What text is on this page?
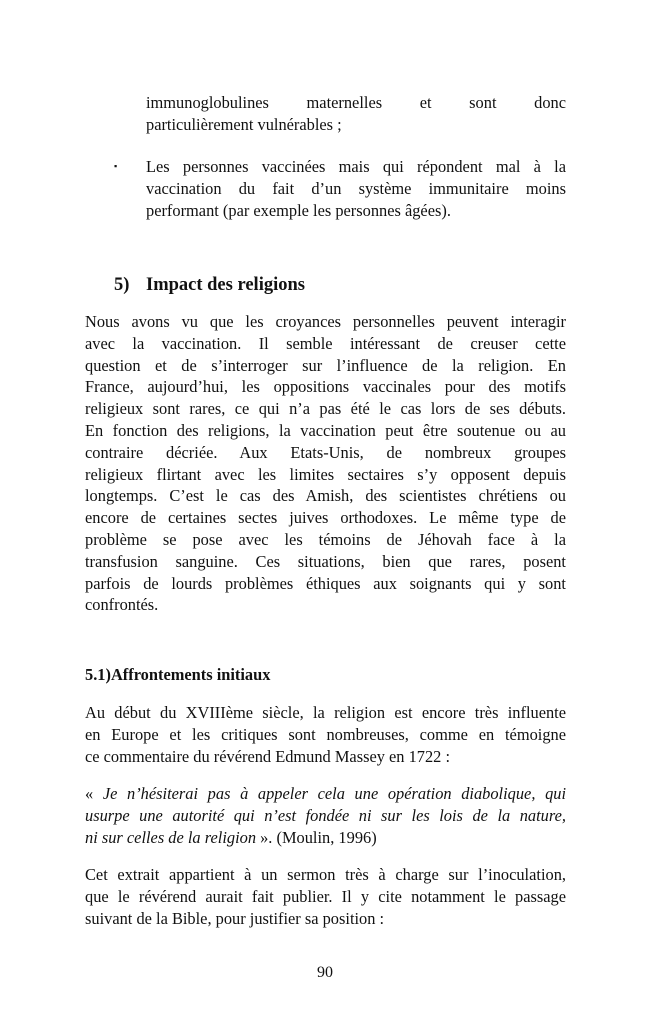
immunoglobulines maternelles et sont donc
particulièrement vulnérables ;
▪ Les personnes vaccinées mais qui répondent mal à la
vaccination du fait d’un système immunitaire moins
performant (par exemple les personnes âgées).
5) Impact des religions
Nous avons vu que les croyances personnelles peuvent interagir
avec la vaccination. Il semble intéressant de creuser cette
question et de s’interroger sur l’influence de la religion. En
France, aujourd’hui, les oppositions vaccinales pour des motifs
religieux sont rares, ce qui n’a pas été le cas lors de ses débuts.
En fonction des religions, la vaccination peut être soutenue ou au
contraire décriée. Aux Etats-Unis, de nombreux groupes
religieux flirtant avec les limites sectaires s’y opposent depuis
longtemps. C’est le cas des Amish, des scientistes chrétiens ou
encore de certaines sectes juives orthodoxes. Le même type de
problème se pose avec les témoins de Jéhovah face à la
transfusion sanguine. Ces situations, bien que rares, posent
parfois de lourds problèmes éthiques aux soignants qui y sont
confrontés.
5.1)Affrontements initiaux
Au début du XVIIIème siècle, la religion est encore très influente
en Europe et les critiques sont nombreuses, comme en témoigne
ce commentaire du révérend Edmund Massey en 1722 :
« Je n’hésiterai pas à appeler cela une opération diabolique, qui
usurpe une autorité qui n’est fondée ni sur les lois de la nature,
ni sur celles de la religion ». (Moulin, 1996)
Cet extrait appartient à un sermon très à charge sur l’inoculation,
que le révérend aurait fait publier. Il y cite notamment le passage
suivant de la Bible, pour justifier sa position :
90
